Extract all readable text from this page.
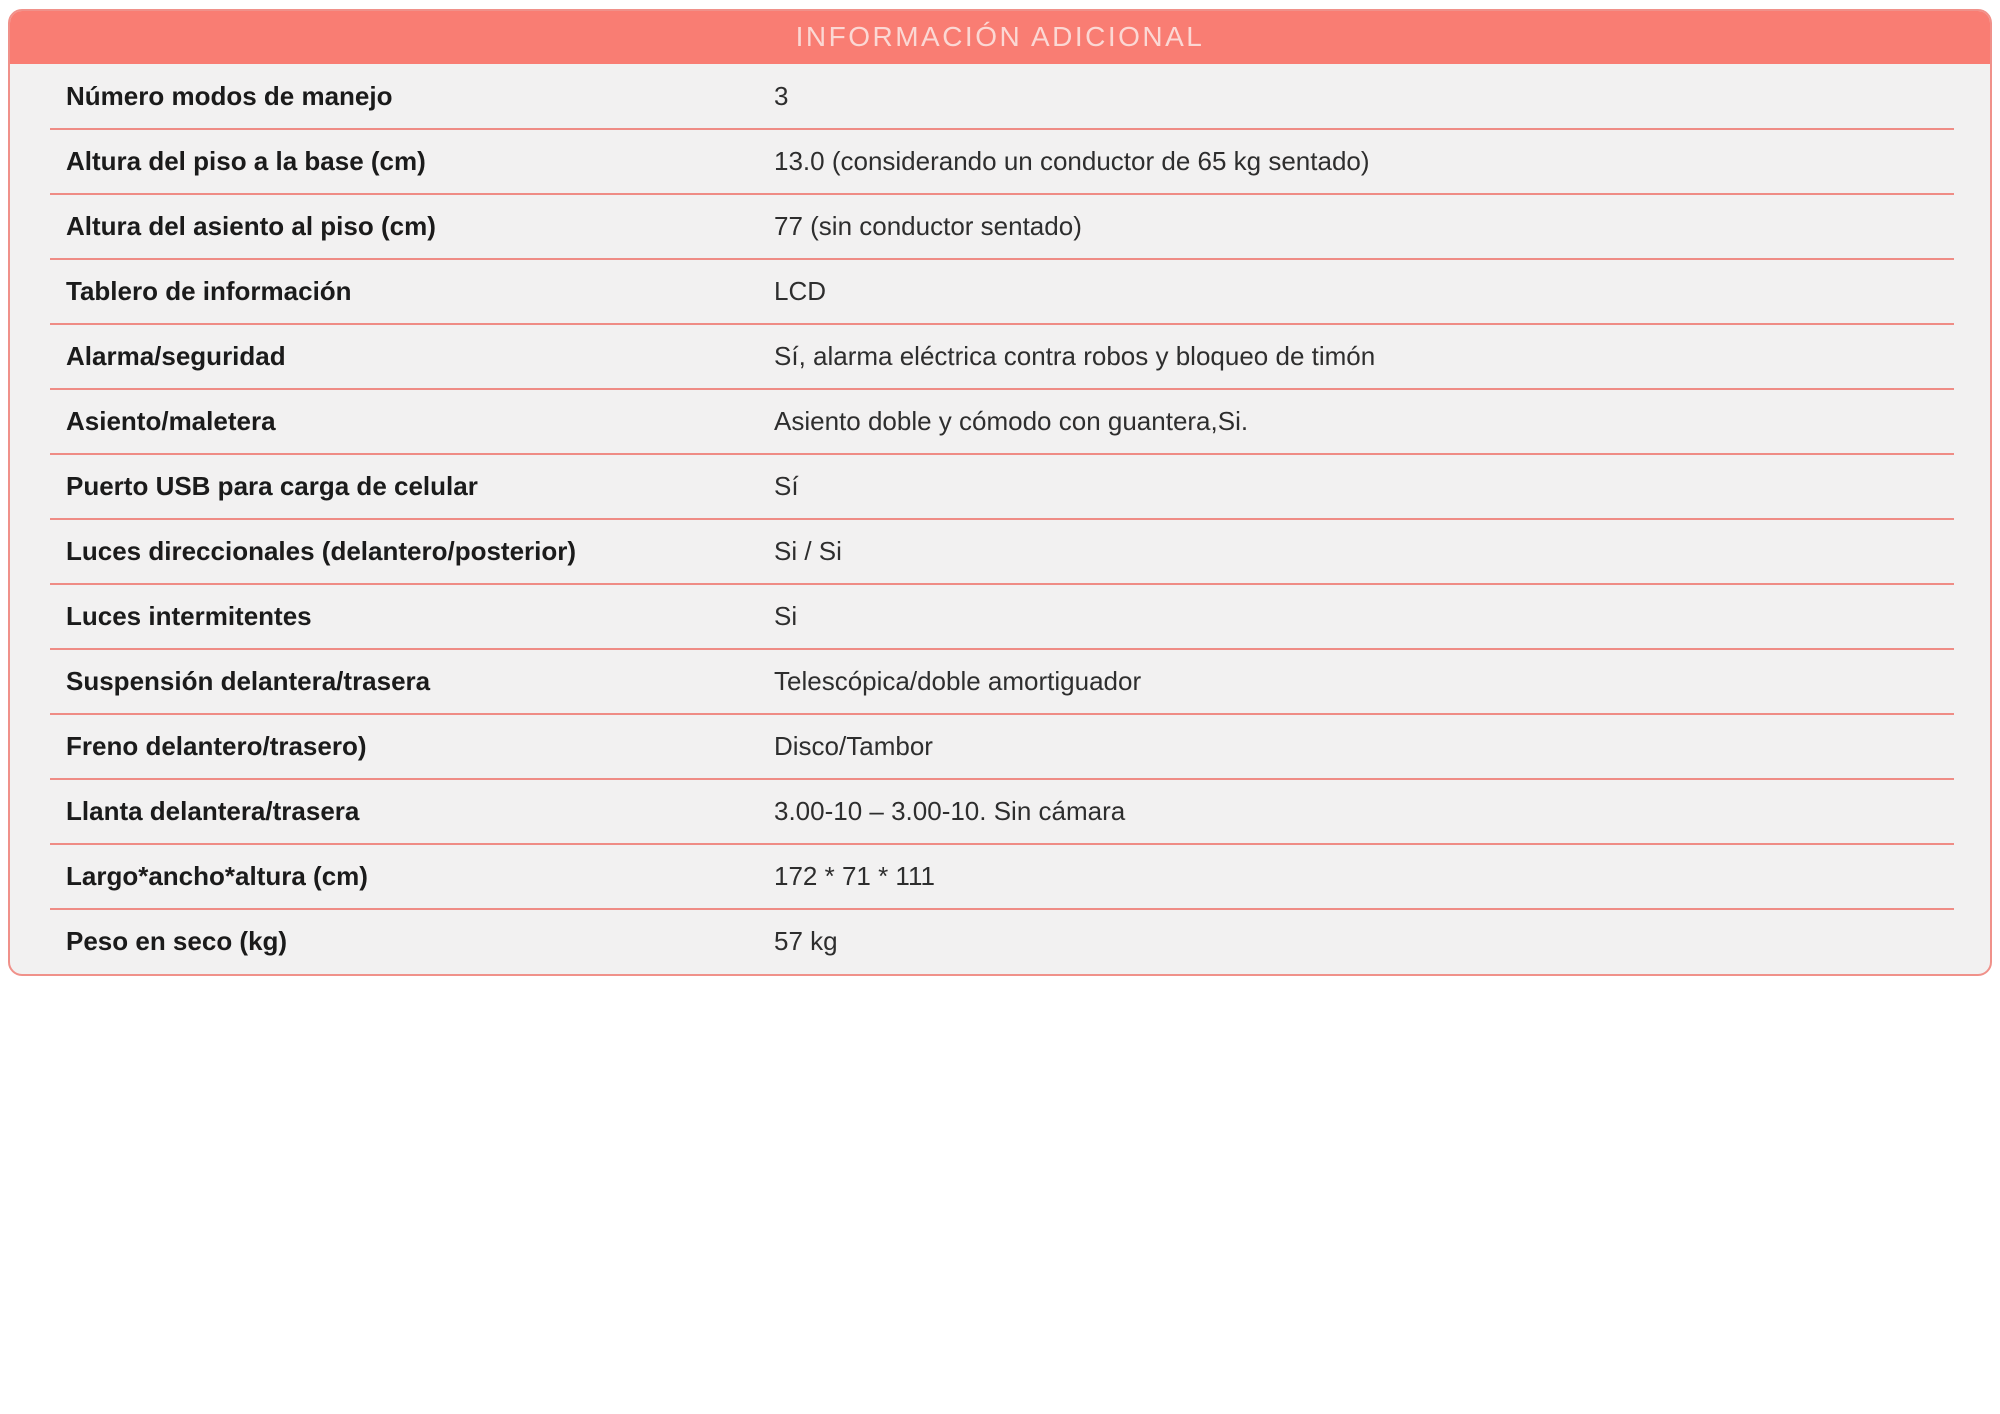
INFORMACIÓN ADICIONAL
Número modos de manejo	3
Altura del piso a la base (cm)	13.0 (considerando un conductor de 65 kg sentado)
Altura del asiento al piso (cm)	77 (sin conductor sentado)
Tablero de información	LCD
Alarma/seguridad	Sí, alarma eléctrica contra robos y bloqueo de timón
Asiento/maletera	Asiento doble y cómodo con guantera,Si.
Puerto USB para carga de celular	Sí
Luces direccionales (delantero/posterior)	Si / Si
Luces intermitentes	Si
Suspensión delantera/trasera	Telescópica/doble amortiguador
Freno delantero/trasero)	Disco/Tambor
Llanta delantera/trasera	3.00-10 – 3.00-10. Sin cámara
Largo*ancho*altura (cm)	172 * 71 * 111
Peso en seco (kg)	57 kg
